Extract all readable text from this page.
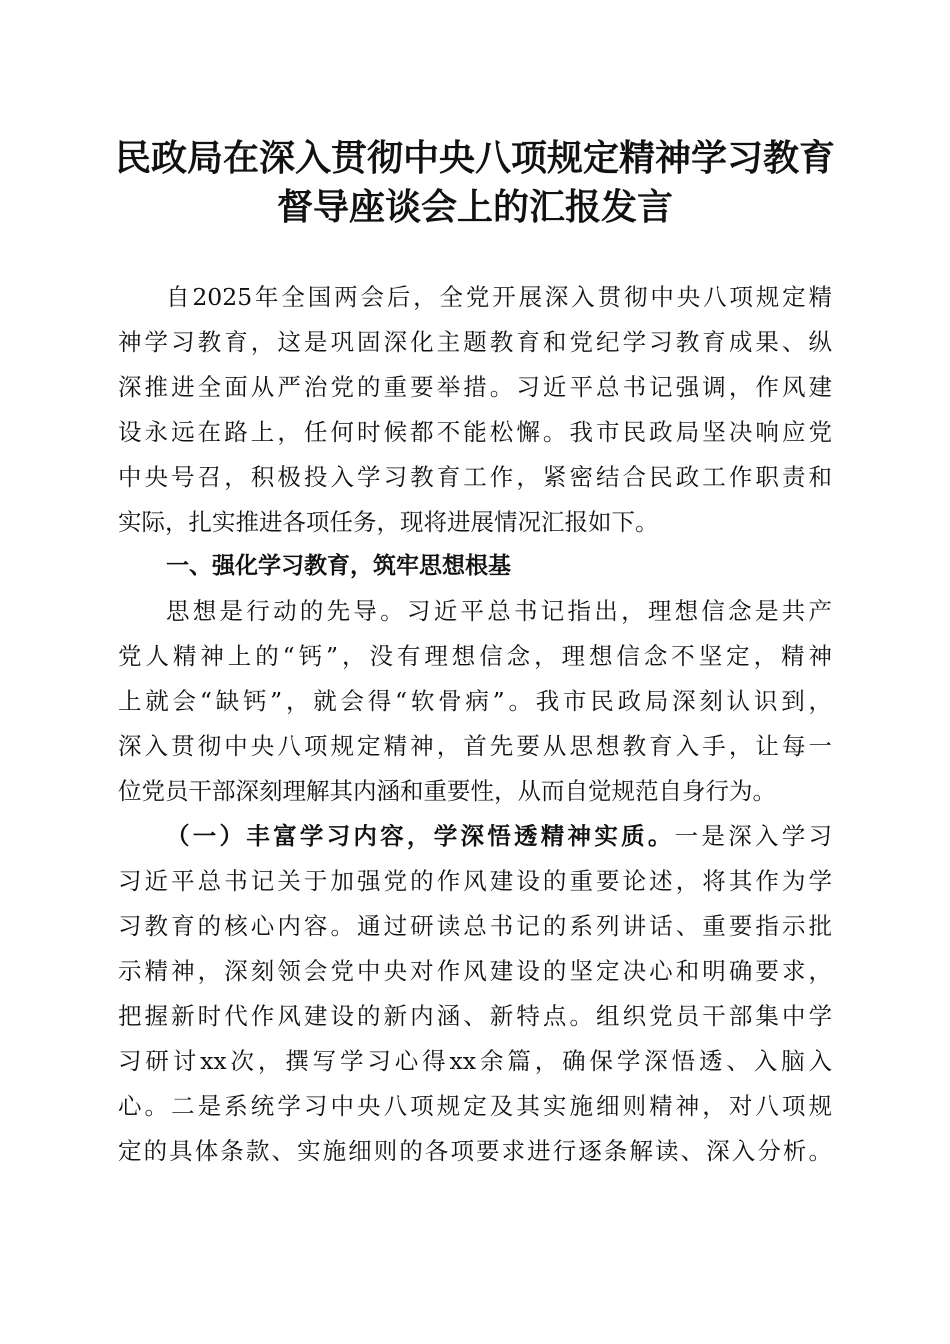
民政局在深入贯彻中央八项规定精神学习教育
督导座谈会上的汇报发言
自2025年全国两会后，全党开展深入贯彻中央八项规定精
神学习教育，这是巩固深化主题教育和党纪学习教育成果、纵
深推进全面从严治党的重要举措。习近平总书记强调，作风建
设永远在路上，任何时候都不能松懈。我市民政局坚决响应党
中央号召，积极投入学习教育工作，紧密结合民政工作职责和
实际，扎实推进各项任务，现将进展情况汇报如下。
一、强化学习教育，筑牢思想根基
思想是行动的先导。习近平总书记指出，理想信念是共产
党人精神上的“钙”，没有理想信念，理想信念不坚定，精神
上就会“缺钙”，就会得“软骨病”。我市民政局深刻认识到，
深入贯彻中央八项规定精神，首先要从思想教育入手，让每一
位党员干部深刻理解其内涵和重要性，从而自觉规范自身行为。
（一）丰富学习内容，学深悟透精神实质。一是深入学习
习近平总书记关于加强党的作风建设的重要论述，将其作为学
习教育的核心内容。通过研读总书记的系列讲话、重要指示批
示精神，深刻领会党中央对作风建设的坚定决心和明确要求，
把握新时代作风建设的新内涵、新特点。组织党员干部集中学
习研讨xx次，撰写学习心得xx余篇，确保学深悟透、入脑入
心。二是系统学习中央八项规定及其实施细则精神，对八项规
定的具体条款、实施细则的各项要求进行逐条解读、深入分析。
